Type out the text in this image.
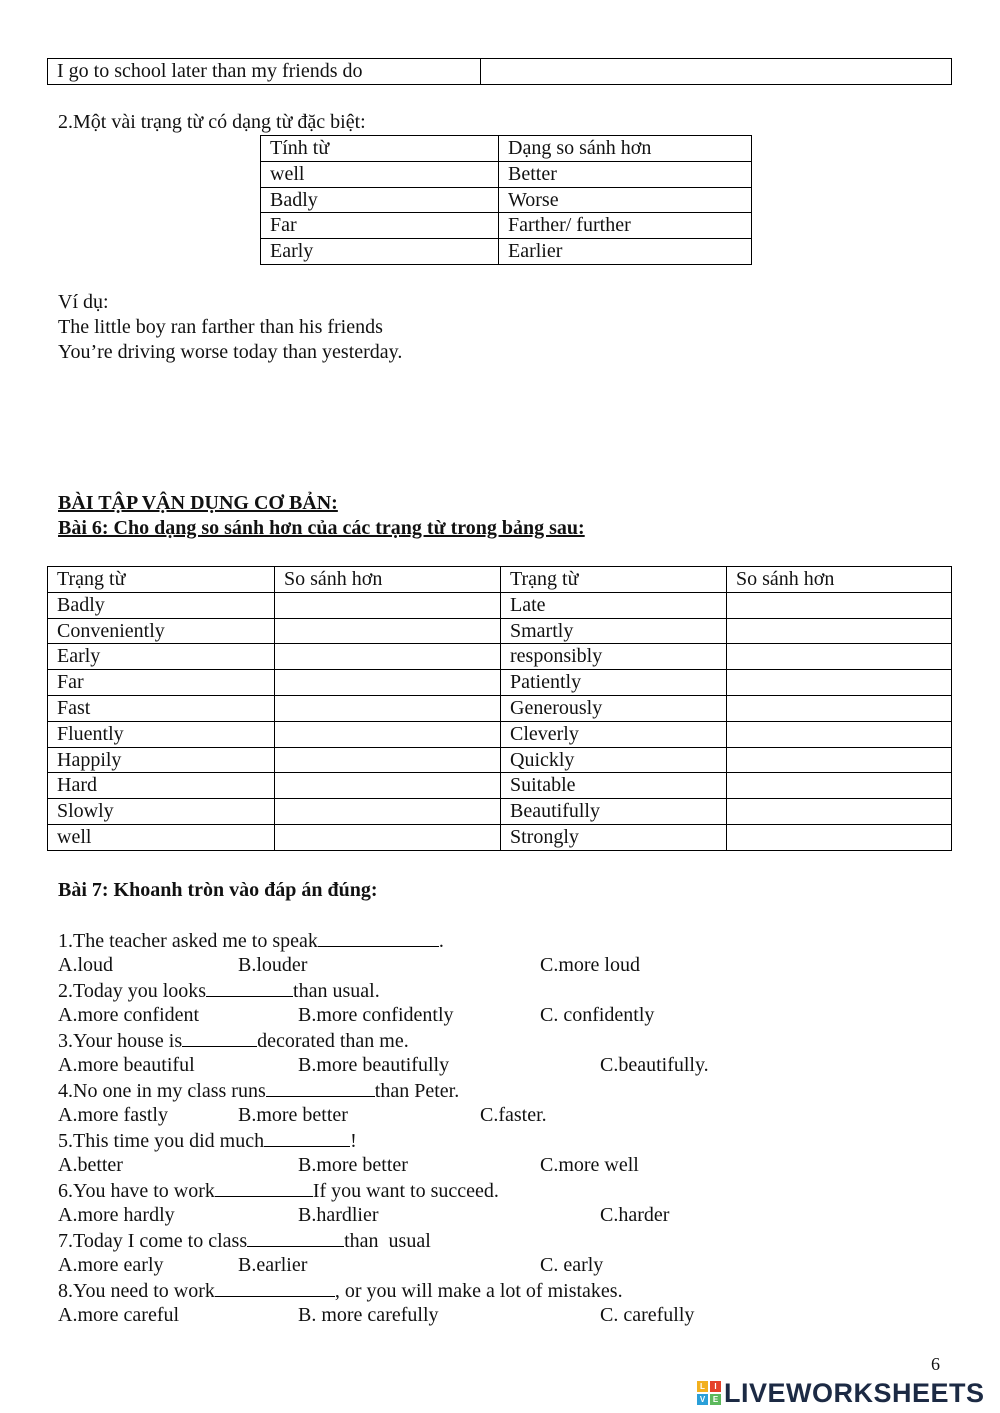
I go to school later than my friends do	
2.Một vài trạng từ có dạng từ đặc biệt:
Tính từ	Dạng so sánh hơn
well	Better
Badly	Worse
Far	Farther/ further
Early	Earlier
Ví dụ:
The little boy ran farther than his friends
You’re driving worse today than yesterday.
BÀI TẬP VẬN DỤNG CƠ BẢN:
Bài 6: Cho dạng so sánh hơn của các trạng từ trong bảng sau:
Trạng từ	So sánh hơn	Trạng từ	So sánh hơn
Badly		Late	
Conveniently		Smartly	
Early		responsibly	
Far		Patiently	
Fast		Generously	
Fluently		Cleverly	
Happily		Quickly	
Hard		Suitable	
Slowly		Beautifully	
well		Strongly	
Bài 7: Khoanh tròn vào đáp án đúng:
1.The teacher asked me to speak	.
A.loud	B.louder	C.more loud
2.Today you looks	than usual.
A.more confident	B.more confidently	C. confidently
3.Your house is	decorated than me.
A.more beautiful	B.more beautifully	C.beautifully.
4.No one in my class runs	than Peter.
A.more fastly	B.more better	C.faster.
5.This time you did much	!
A.better	B.more better	C.more well
6.You have to work	If you want to succeed.
A.more hardly	B.hardlier	C.harder
7.Today I come to class	than  usual
A.more early	B.earlier	C. early
8.You need to work	, or you will make a lot of mistakes.
A.more careful	B. more carefully	C. carefully
6
L	I
V E LIVEWORKSHEETS
